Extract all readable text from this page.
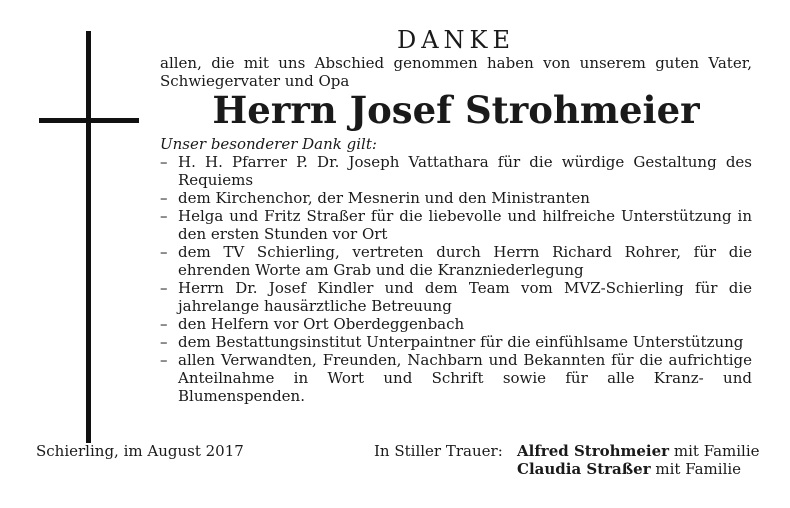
DANKE
allen, die mit uns Abschied genommen haben von unserem guten Vater, Schwiegervater und Opa
Herrn Josef Strohmeier
Unser besonderer Dank gilt:
– H. H. Pfarrer P. Dr. Joseph Vattathara für die würdige Gestaltung des Requiems
– dem Kirchenchor, der Mesnerin und den Ministranten
– Helga und Fritz Straßer für die liebevolle und hilfreiche Unterstützung in den ersten Stunden vor Ort
– dem TV Schierling, vertreten durch Herrn Richard Rohrer, für die ehrenden Worte am Grab und die Kranzniederlegung
– Herrn Dr. Josef Kindler und dem Team vom MVZ-Schierling für die jahrelange hausärztliche Betreuung
– den Helfern vor Ort Oberdeggenbach
– dem Bestattungsinstitut Unterpaintner für die einfühlsame Unterstützung
– allen Verwandten, Freunden, Nachbarn und Bekannten für die aufrichtige Anteilnahme in Wort und Schrift sowie für alle Kranz- und Blumenspenden.
Schierling, im August 2017	In Stiller Trauer: Alfred Strohmeier mit Familie
Claudia Straßer mit Familie
